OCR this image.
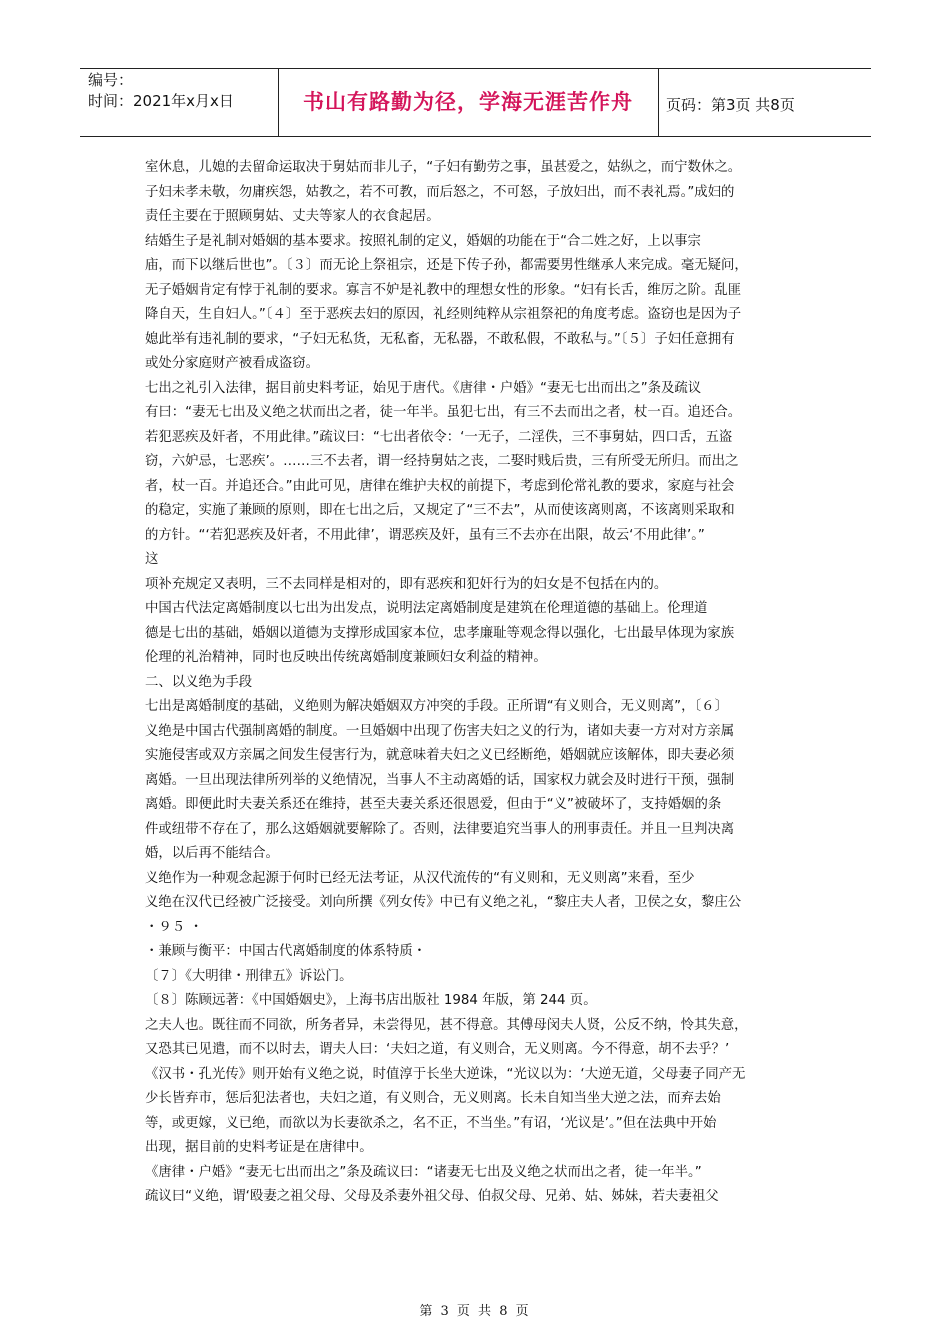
编号：
时间：2021年x月x日	书山有路勤为径，学海无涯苦作舟	页码：第3页 共8页
室休息，儿媳的去留命运取决于舅姑而非儿子，“子妇有勤劳之事，虽甚爱之，姑纵之，而宁数休之。
子妇未孝未敬，勿庸疾怨，姑教之，若不可教，而后怒之，不可怒，子放妇出，而不表礼焉。”成妇的
责任主要在于照顾舅姑、丈夫等家人的衣食起居。
结婚生子是礼制对婚姻的基本要求。按照礼制的定义，婚姻的功能在于“合二姓之好，上以事宗
庙，而下以继后世也”。〔３〕而无论上祭祖宗，还是下传子孙，都需要男性继承人来完成。毫无疑问，
无子婚姻肯定有悖于礼制的要求。寡言不妒是礼教中的理想女性的形象。“妇有长舌，维厉之阶。乱匪
降自天，生自妇人。”〔４〕至于恶疾去妇的原因，礼经则纯粹从宗祖祭祀的角度考虑。盗窃也是因为子
媳此举有违礼制的要求，“子妇无私货，无私畜，无私器，不敢私假，不敢私与。”〔５〕子妇任意拥有
或处分家庭财产被看成盗窃。
七出之礼引入法律，据目前史料考证，始见于唐代。《唐律・户婚》“妻无七出而出之”条及疏议
有曰：“妻无七出及义绝之状而出之者，徒一年半。虽犯七出，有三不去而出之者，杖一百。追还合。
若犯恶疾及奸者，不用此律。”疏议曰：“七出者依令：‘一无子，二淫佚，三不事舅姑，四口舌，五盗
窃，六妒忌，七恶疾’。……三不去者，谓一经持舅姑之丧，二娶时贱后贵，三有所受无所归。而出之
者，杖一百。并追还合。”由此可见，唐律在维护夫权的前提下，考虑到伦常礼教的要求，家庭与社会
的稳定，实施了兼顾的原则，即在七出之后，又规定了“三不去”，从而使该离则离，不该离则采取和
的方针。“‘若犯恶疾及奸者，不用此律’，谓恶疾及奸，虽有三不去亦在出限，故云‘不用此律’。”
这
项补充规定又表明，三不去同样是相对的，即有恶疾和犯奸行为的妇女是不包括在内的。
中国古代法定离婚制度以七出为出发点，说明法定离婚制度是建筑在伦理道德的基础上。伦理道
德是七出的基础，婚姻以道德为支撑形成国家本位，忠孝廉耻等观念得以强化，七出最早体现为家族
伦理的礼治精神，同时也反映出传统离婚制度兼顾妇女利益的精神。
二、以义绝为手段
七出是离婚制度的基础，义绝则为解决婚姻双方冲突的手段。正所谓“有义则合，无义则离”，〔６〕
义绝是中国古代强制离婚的制度。一旦婚姻中出现了伤害夫妇之义的行为，诸如夫妻一方对对方亲属
实施侵害或双方亲属之间发生侵害行为，就意味着夫妇之义已经断绝，婚姻就应该解体，即夫妻必须
离婚。一旦出现法律所列举的义绝情况，当事人不主动离婚的话，国家权力就会及时进行干预，强制
离婚。即便此时夫妻关系还在维持，甚至夫妻关系还很恩爱，但由于“义”被破坏了，支持婚姻的条
件或纽带不存在了，那么这婚姻就要解除了。否则，法律要追究当事人的刑事责任。并且一旦判决离
婚，以后再不能结合。
义绝作为一种观念起源于何时已经无法考证，从汉代流传的“有义则和，无义则离”来看，至少
义绝在汉代已经被广泛接受。刘向所撰《列女传》中已有义绝之礼，“黎庄夫人者，卫侯之女，黎庄公
・９５ ・
・兼顾与衡平：中国古代离婚制度的体系特质・
〔７〕《大明律・刑律五》诉讼门。
〔８〕陈顾远著：《中国婚姻史》，上海书店出版社 1984 年版，第 244 页。
之夫人也。既往而不同欲，所务者异，未尝得见，甚不得意。其傅母闵夫人贤，公反不纳，怜其失意，
又恐其已见遣，而不以时去，谓夫人曰：‘夫妇之道，有义则合，无义则离。今不得意，胡不去乎？’
《汉书・孔光传》则开始有义绝之说，时值淳于长坐大逆诛，“光议以为：‘大逆无道，父母妻子同产无
少长皆弃市，惩后犯法者也，夫妇之道，有义则合，无义则离。长未自知当坐大逆之法，而弃去始
等，或更嫁，义已绝，而欲以为长妻欲杀之，名不正，不当坐。”有诏，‘光议是’。”但在法典中开始
出现，据目前的史料考证是在唐律中。
《唐律・户婚》“妻无七出而出之”条及疏议曰：“诸妻无七出及义绝之状而出之者，徒一年半。”
疏议曰“义绝，谓‘殴妻之祖父母、父母及杀妻外祖父母、伯叔父母、兄弟、姑、姊妹，若夫妻祖父
第 3 页 共 8 页
